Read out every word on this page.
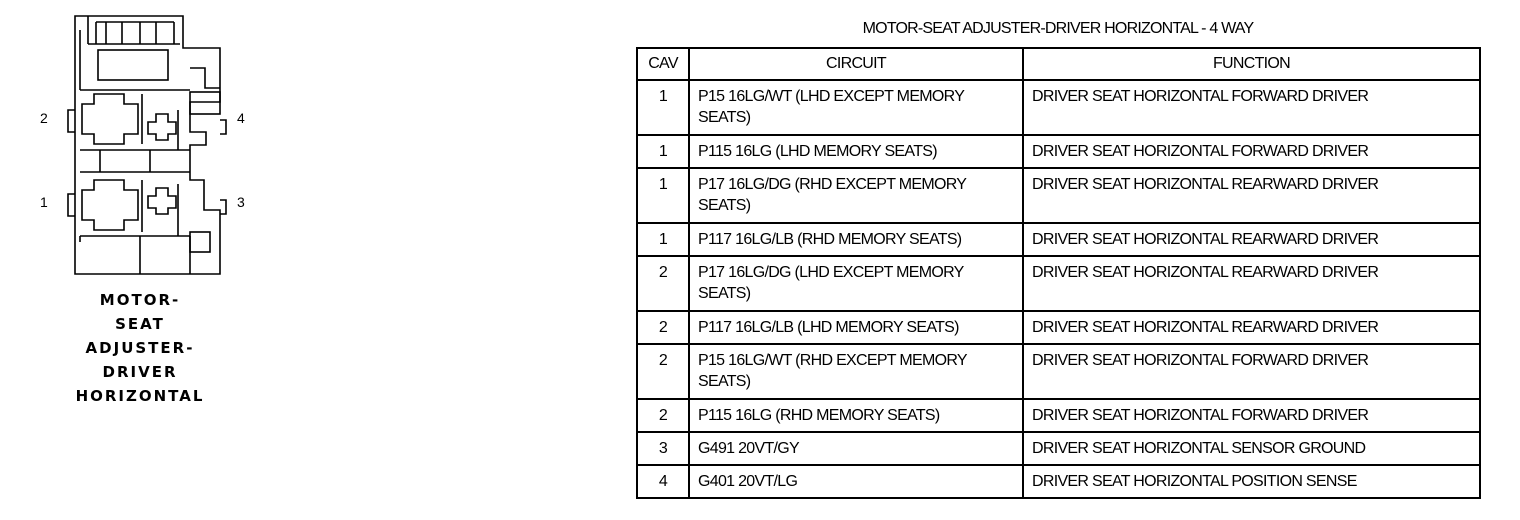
2	4
1	3
MOTOR-
SEAT
ADJUSTER-
DRIVER
HORIZONTAL
MOTOR-SEAT ADJUSTER-DRIVER HORIZONTAL - 4 WAY
CAV	CIRCUIT	FUNCTION
1	P15 16LG/WT (LHD EXCEPT MEMORY SEATS)	DRIVER SEAT HORIZONTAL FORWARD DRIVER
1	P115 16LG (LHD MEMORY SEATS)	DRIVER SEAT HORIZONTAL FORWARD DRIVER
1	P17 16LG/DG (RHD EXCEPT MEMORY SEATS)	DRIVER SEAT HORIZONTAL REARWARD DRIVER
1	P117 16LG/LB (RHD MEMORY SEATS)	DRIVER SEAT HORIZONTAL REARWARD DRIVER
2	P17 16LG/DG (LHD EXCEPT MEMORY SEATS)	DRIVER SEAT HORIZONTAL REARWARD DRIVER
2	P117 16LG/LB (LHD MEMORY SEATS)	DRIVER SEAT HORIZONTAL REARWARD DRIVER
2	P15 16LG/WT (RHD EXCEPT MEMORY SEATS)	DRIVER SEAT HORIZONTAL FORWARD DRIVER
2	P115 16LG (RHD MEMORY SEATS)	DRIVER SEAT HORIZONTAL FORWARD DRIVER
3	G491 20VT/GY	DRIVER SEAT HORIZONTAL SENSOR GROUND
4	G401 20VT/LG	DRIVER SEAT HORIZONTAL POSITION SENSE
